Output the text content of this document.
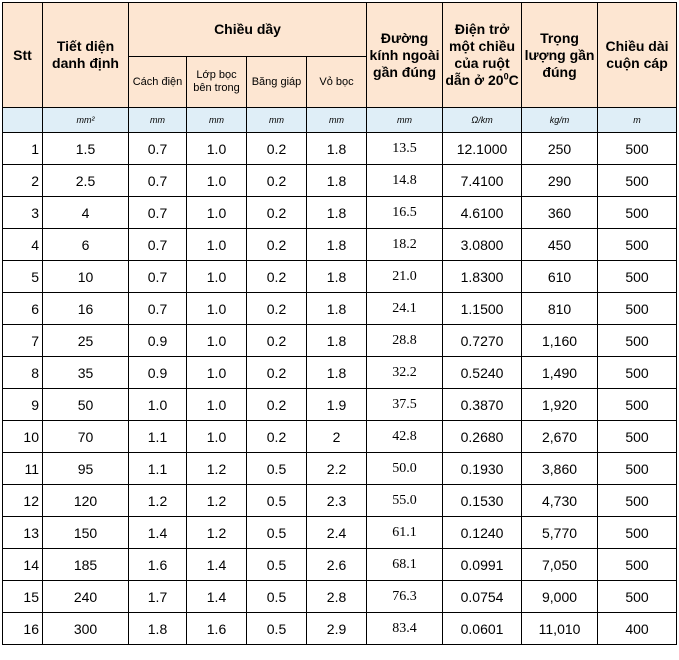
Stt	Tiết diện danh định	Chiều dầy				Đường kính ngoài gần đúng	Điện trở một chiều của ruột dẫn ở $20^0C$	Trọng lượng gần đúng	Chiều dài cuộn cáp
		Cách điện	Lớp bọc bên trong	Băng giáp	Vỏ bọc				
	mm²	mm	mm	mm	mm	mm	Ω/km	kg/m	m
1	1.5	0.7	1.0	0.2	1.8	13.5	12.1000	250	500
2	2.5	0.7	1.0	0.2	1.8	14.8	7.4100	290	500
3	4	0.7	1.0	0.2	1.8	16.5	4.6100	360	500
4	6	0.7	1.0	0.2	1.8	18.2	3.0800	450	500
5	10	0.7	1.0	0.2	1.8	21.0	1.8300	610	500
6	16	0.7	1.0	0.2	1.8	24.1	1.1500	810	500
7	25	0.9	1.0	0.2	1.8	28.8	0.7270	1,160	500
8	35	0.9	1.0	0.2	1.8	32.2	0.5240	1,490	500
9	50	1.0	1.0	0.2	1.9	37.5	0.3870	1,920	500
10	70	1.1	1.0	0.2	2	42.8	0.2680	2,670	500
11	95	1.1	1.2	0.5	2.2	50.0	0.1930	3,860	500
12	120	1.2	1.2	0.5	2.3	55.0	0.1530	4,730	500
13	150	1.4	1.2	0.5	2.4	61.1	0.1240	5,770	500
14	185	1.6	1.4	0.5	2.6	68.1	0.0991	7,050	500
15	240	1.7	1.4	0.5	2.8	76.3	0.0754	9,000	500
16	300	1.8	1.6	0.5	2.9	83.4	0.0601	11,010	400
